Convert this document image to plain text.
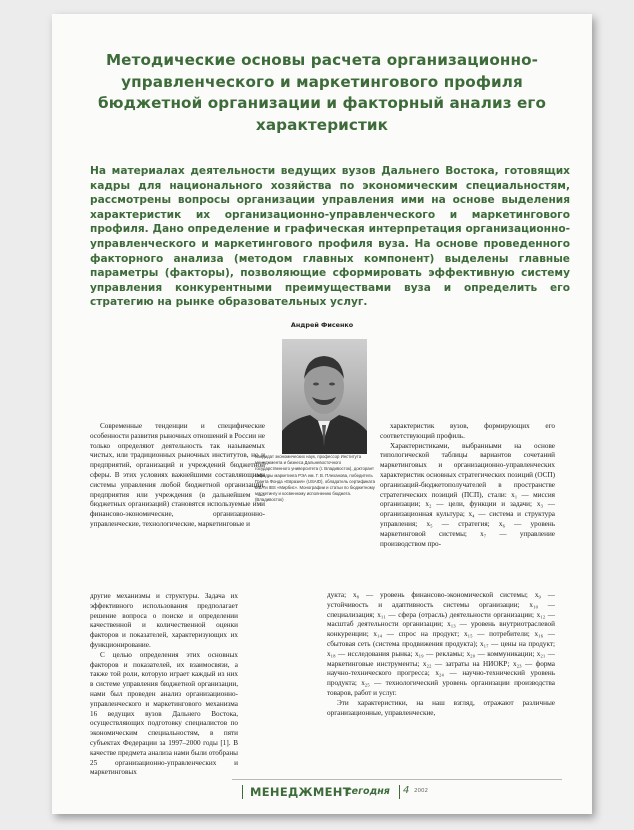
Методические основы расчета организационно-управленческого и маркетингового профиля бюджетной организации и факторный анализ его характеристик
На материалах деятельности ведущих вузов Дальнего Востока, готовящих кадры для национального хозяйства по экономическим специальностям, рассмотрены вопросы организации управления ими на основе выделения характеристик их организационно-управленческого и маркетингового профиля. Дано определение и графическая интерпретация организационно-управленческого и маркетингового профиля вуза. На основе проведенного факторного анализа (методом главных компонент) выделены главные параметры (факторы), позволяющие сформировать эффективную систему управления конкурентными преимуществами вуза и определить его стратегию на рынке образовательных услуг.
Андрей Фисенко
Кандидат экономических наук, профессор Института менеджмента и бизнеса Дальневосточного государственного университета (г. Владивосток), докторант кафедры маркетинга РЭА им. Г. В. Плеханова, победитель Гранта Фонда «Евразия» (USAID), обладатель сертификата MBA и IBS «Мирбис». Монографии и статьи по бюджетному маркетингу и косвенному исполнению бюджета. (Владивосток)

Современные тенденции и специфические особенности развития рыночных отношений в России не только определяют деятельность так называемых чистых, или традиционных рыночных институтов, но и предприятий, организаций и учреждений бюджетной сферы. В этих условиях важнейшими составляющими системы управления любой бюджетной организации, предприятия или учреждения (в дальнейшем — бюджетных организаций) становятся используемые ими финансово-экономические, организационно-управленческие, технологические, маркетинговые и

другие механизмы и структуры. Задача их эффективного использования предполагает решение вопроса о поиске и определении качественной и количественной оценки факторов и показателей, характеризующих их функционирование.

С целью определения этих основных факторов и показателей, их взаимосвязи, а также той роли, которую играет каждый из них в системе управления бюджетной организации, нами был проведен анализ организационно-управленческого и маркетингового механизма 16 ведущих вузов Дальнего Востока, осуществляющих подготовку специалистов по экономическим специальностям, в пяти субъектах Федерации за 1997–2000 годы [1]. В качестве предмета анализа нами были отобраны 25 организационно-управленческих и маркетинговых

характеристик вузов, формирующих его соответствующий профиль.

Характеристиками, выбранными на основе типологической таблицы вариантов сочетаний маркетинговых и организационно-управленческих характеристик основных стратегических позиций (ОСП) организаций-бюджетополучателей в пространстве стратегических позиций (ПСП), стали: x₁ — миссия организации; x₂ — цели, функции и задачи; x₃ — организационная культура; x₄ — система и структура управления; x₅ — стратегия; x₆ — уровень маркетинговой системы; x₇ — управление производством про-

дукта; x₈ — уровень финансово-экономической системы; x₉ — устойчивость и адаптивность системы организации; x₁₀ — специализация; x₁₁ — сфера (отрасль) деятельности организации; x₁₂ — масштаб деятельности организации; x₁₃ — уровень внутриотраслевой конкуренции; x₁₄ — спрос на продукт; x₁₅ — потребители; x₁₆ — сбытовая сеть (система продвижения продукта); x₁₇ — цены на продукт; x₁₈ — исследования рынка; x₁₉ — рекламы; x₂₀ — коммуникации; x₂₁ — маркетинговые инструменты; x₂₂ — затраты на НИОКР; x₂₃ — форма научно-технического прогресса; x₂₄ — научно-технический уровень продукта; x₂₅ — технологический уровень организации производства товаров, работ и услуг.

Эти характеристики, на наш взгляд, отражают различные организационные, управленческие,

МЕНЕДЖМЕНТ
сегодня 4 2002
